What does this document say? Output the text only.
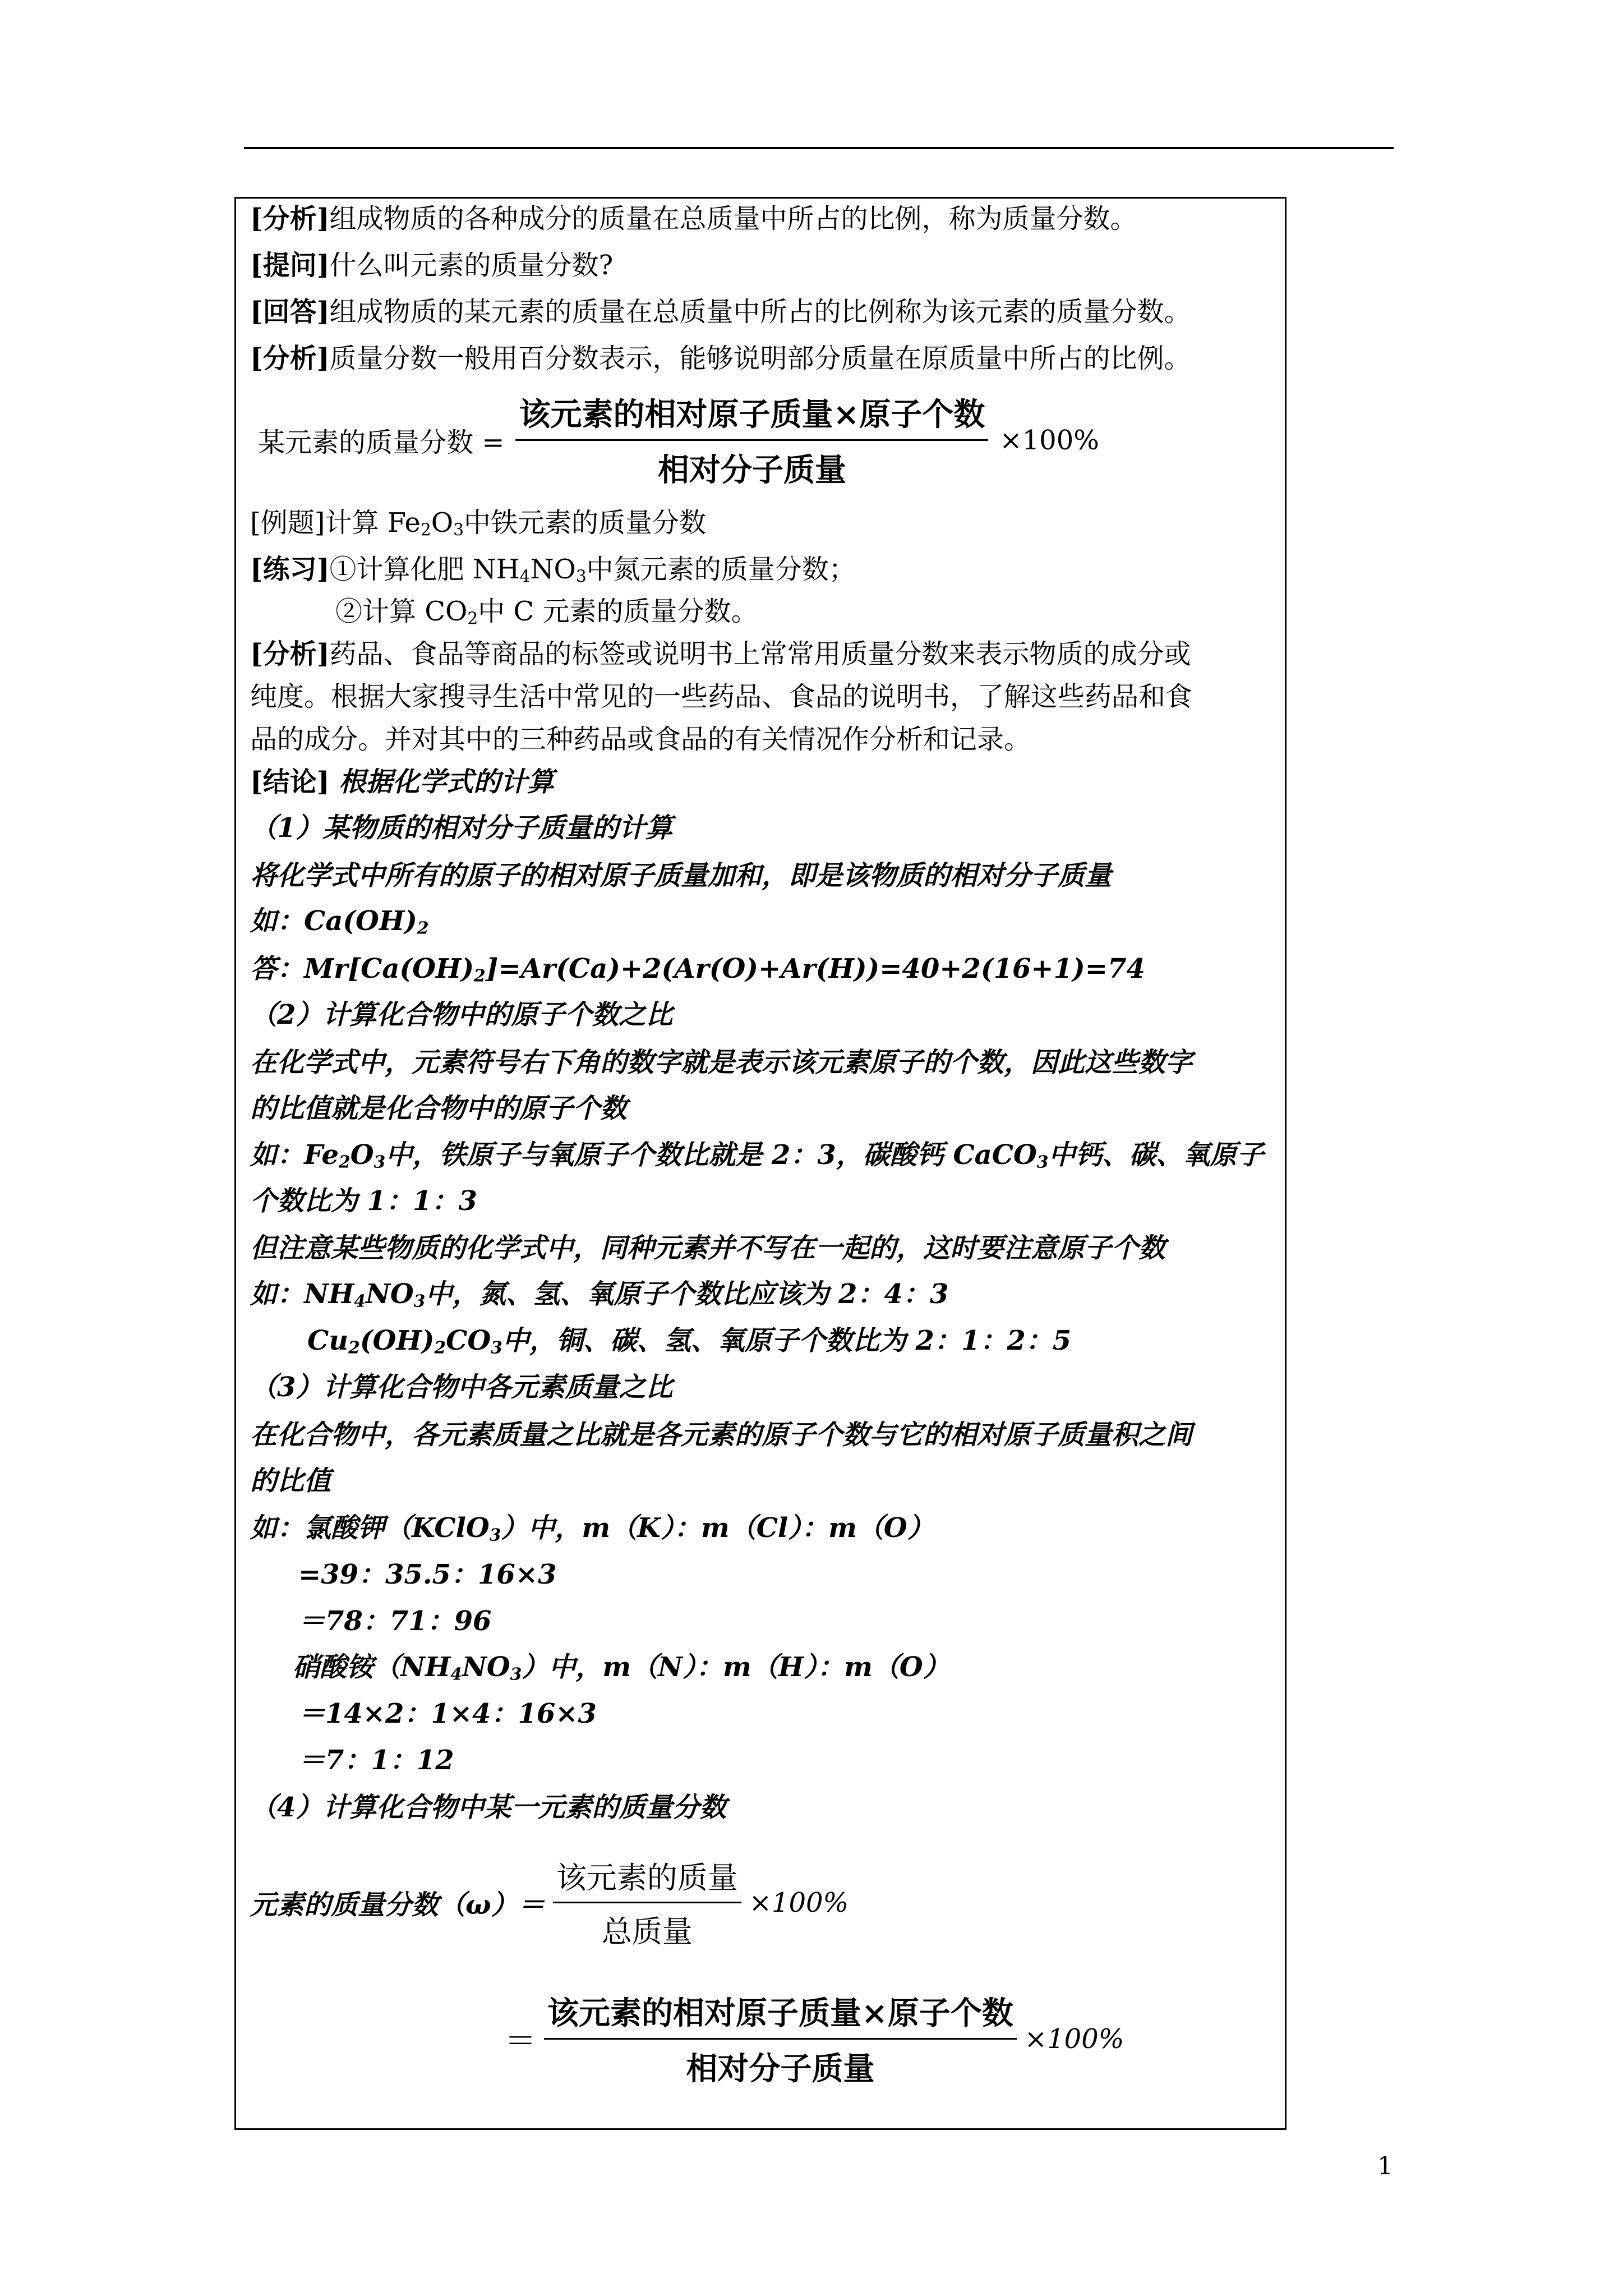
[分析]组成物质的各种成分的质量在总质量中所占的比例，称为质量分数。
[提问]什么叫元素的质量分数?
[回答]组成物质的某元素的质量在总质量中所占的比例称为该元素的质量分数。
[分析]质量分数一般用百分数表示，能够说明部分质量在原质量中所占的比例。
某元素的质量分数 = $\frac{\text{该元素的相对原子质量×原子个数}}{\text{相对分子质量}} \times 100\%$
[例题]计算 $Fe_2O_3$中铁元素的质量分数
[练习]①计算化肥 $NH_4NO_3$中氮元素的质量分数；
②计算 $CO_2$中 C 元素的质量分数。
[分析]药品、食品等商品的标签或说明书上常常用质量分数来表示物质的成分或
纯度。根据大家搜寻生活中常见的一些药品、食品的说明书，了解这些药品和食
品的成分。并对其中的三种药品或食品的有关情况作分析和记录。
[结论] 根据化学式的计算
（1）某物质的相对分子质量的计算
将化学式中所有的原子的相对原子质量加和，即是该物质的相对分子质量
如：$Ca(OH)_2$
答：$Mr[Ca(OH)_2]=Ar(Ca)+2(Ar(O)+Ar(H))=40+2(16+1)=74$
（2）计算化合物中的原子个数之比
在化学式中，元素符号右下角的数字就是表示该元素原子的个数，因此这些数字
的比值就是化合物中的原子个数
如：$Fe_2O_3$中，铁原子与氧原子个数比就是 2：3，碳酸钙 CaCO$_3$中钙、碳、氧原子
个数比为 1：1：3
但注意某些物质的化学式中，同种元素并不写在一起的，这时要注意原子个数
如：$NH_4NO_3$中，氮、氢、氧原子个数比应该为 2：4：3
$Cu_2(OH)_2CO_3$中，铜、碳、氢、氧原子个数比为 2：1：2：5
（3）计算化合物中各元素质量之比
在化合物中，各元素质量之比就是各元素的原子个数与它的相对原子质量积之间
的比值
如：氯酸钾（KClO$_3$）中，m（K）：m（Cl）：m（O）
=39：35.5：16×3
＝78：71：96
硝酸铵$(NH_4NO_3)$中，m（N）：m（H）：m（O）
＝14×2：1×4：16×3
＝7：1：12
（4）计算化合物中某一元素的质量分数
元素的质量分数$(\omega)= \frac{\text{该元素的质量}}{\text{总质量}} \times 100\%$
＝ $\frac{\text{该元素的相对原子质量×原子个数}}{\text{相对分子质量}} \times 100\%$
1
